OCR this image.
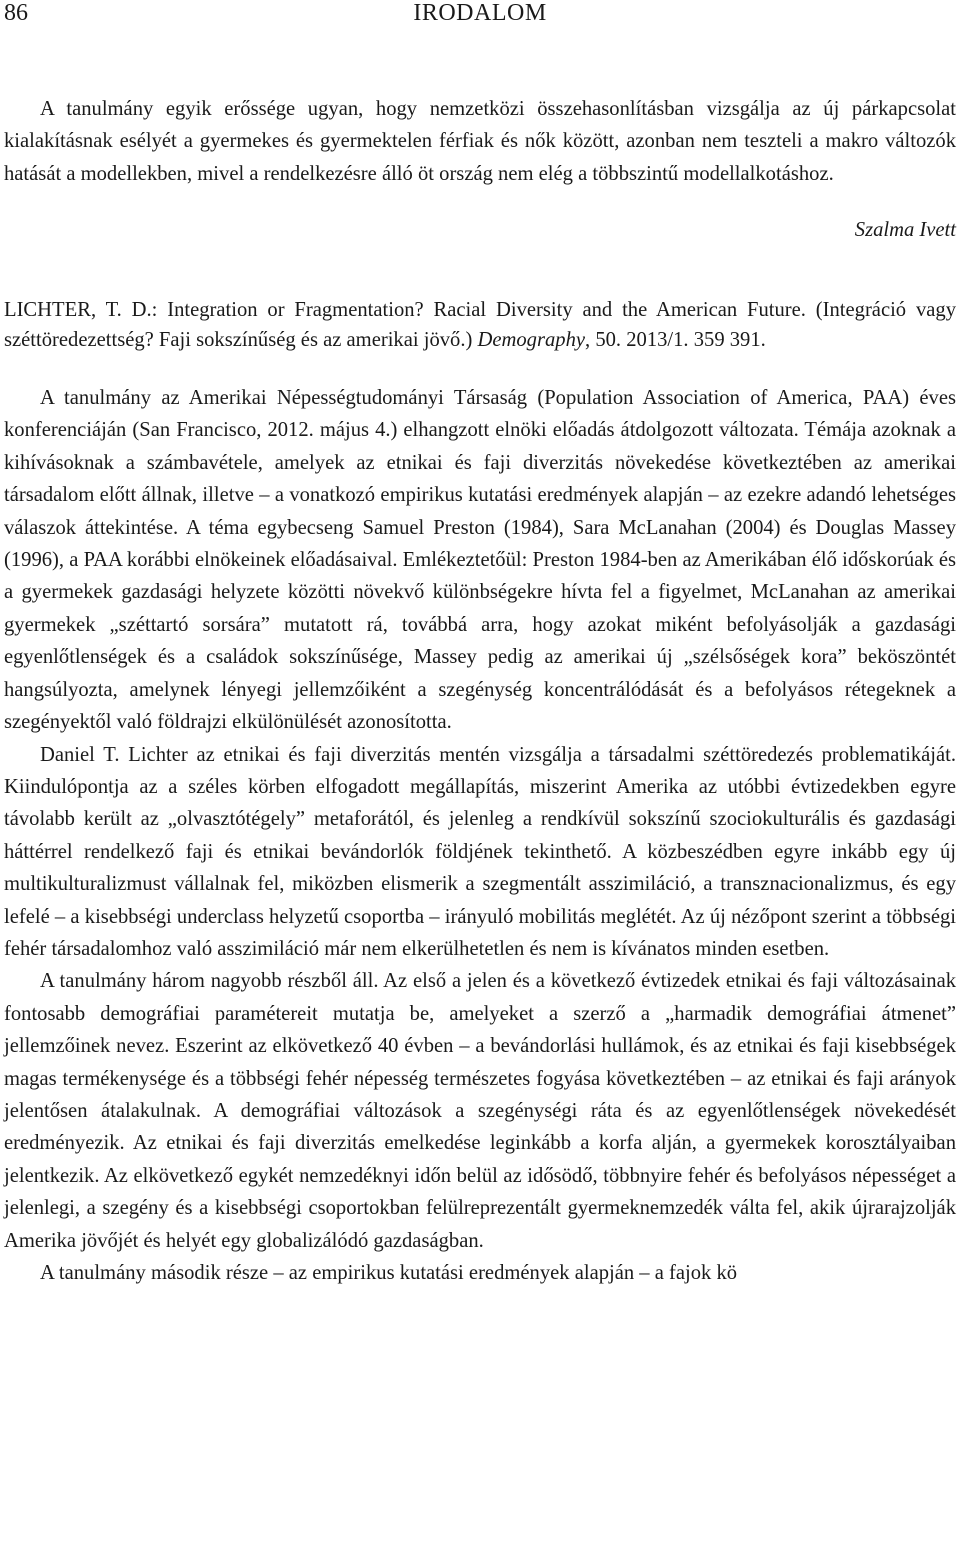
86	IRODALOM

A tanulmány egyik erőssége ugyan, hogy nemzetközi összehasonlításban vizsgálja az új párkapcsolat kialakításnak esélyét a gyermekes és gyermektelen férfiak és nők között, azonban nem teszteli a makro változók hatását a modellekben, mivel a rendelkezésre álló öt ország nem elég a többszintű modellalkotáshoz.

Szalma Ivett
LICHTER, T. D.: Integration or Fragmentation? Racial Diversity and the American Future. (Integráció vagy széttöredezettség? Faji sokszínűség és az amerikai jövő.) Demography, 50. 2013/1. 359 391.

A tanulmány az Amerikai Népességtudományi Társaság (Population Association of America, PAA) éves konferenciáján (San Francisco, 2012. május 4.) elhangzott elnöki előadás átdolgozott változata. Témája azoknak a kihívásoknak a számbavétele, amelyek az etnikai és faji diverzitás növekedése következtében az amerikai társadalom előtt állnak, illetve – a vonatkozó empirikus kutatási eredmények alapján – az ezekre adandó lehetséges válaszok áttekintése. A téma egybecseng Samuel Preston (1984), Sara McLanahan (2004) és Douglas Massey (1996), a PAA korábbi elnökeinek előadásaival. Emlékeztetőül: Preston 1984-ben az Amerikában élő időskorúak és a gyermekek gazdasági helyzete közötti növekvő különbségekre hívta fel a figyelmet, McLanahan az amerikai gyermekek „széttartó sorsára” mutatott rá, továbbá arra, hogy azokat miként befolyásolják a gazdasági egyenlőtlenségek és a családok sokszínűsége, Massey pedig az amerikai új „szélsőségek kora” beköszöntét hangsúlyozta, amelynek lényegi jellemzőiként a szegénység koncentrálódását és a befolyásos rétegeknek a szegényektől való földrajzi elkülönülését azonosította.

Daniel T. Lichter az etnikai és faji diverzitás mentén vizsgálja a társadalmi széttöredezés problematikáját. Kiindulópontja az a széles körben elfogadott megállapítás, miszerint Amerika az utóbbi évtizedekben egyre távolabb került az „olvasztótégely” metaforától, és jelenleg a rendkívül sokszínű szociokulturális és gazdasági háttérrel rendelkező faji és etnikai bevándorlók földjének tekinthető. A közbeszédben egyre inkább egy új multikulturalizmust vállalnak fel, miközben elismerik a szegmentált asszimiláció, a transznacionalizmus, és egy lefelé – a kisebbségi underclass helyzetű csoportba – irányuló mobilitás meglétét. Az új nézőpont szerint a többségi fehér társadalomhoz való asszimiláció már nem elkerülhetetlen és nem is kívánatos minden esetben.

A tanulmány három nagyobb részből áll. Az első a jelen és a következő évtizedek etnikai és faji változásainak fontosabb demográfiai paramétereit mutatja be, amelyeket a szerző a „harmadik demográfiai átmenet” jellemzőinek nevez. Eszerint az elkövetkező 40 évben – a bevándorlási hullámok, és az etnikai és faji kisebbségek magas termékenysége és a többségi fehér népesség természetes fogyása következtében – az etnikai és faji arányok jelentősen átalakulnak. A demográfiai változások a szegénységi ráta és az egyenlőtlenségek növekedését eredményezik. Az etnikai és faji diverzitás emelkedése leginkább a korfa alján, a gyermekek korosztályaiban jelentkezik. Az elkövetkező egykét nemzedéknyi időn belül az idősödő, többnyire fehér és befolyásos népességet a jelenlegi, a szegény és a kisebbségi csoportokban felülreprezentált gyermeknemzedék válta fel, akik újrarajzolják Amerika jövőjét és helyét egy globalizálódó gazdaságban.

A tanulmány második része – az empirikus kutatási eredmények alapján – a fajok kö
